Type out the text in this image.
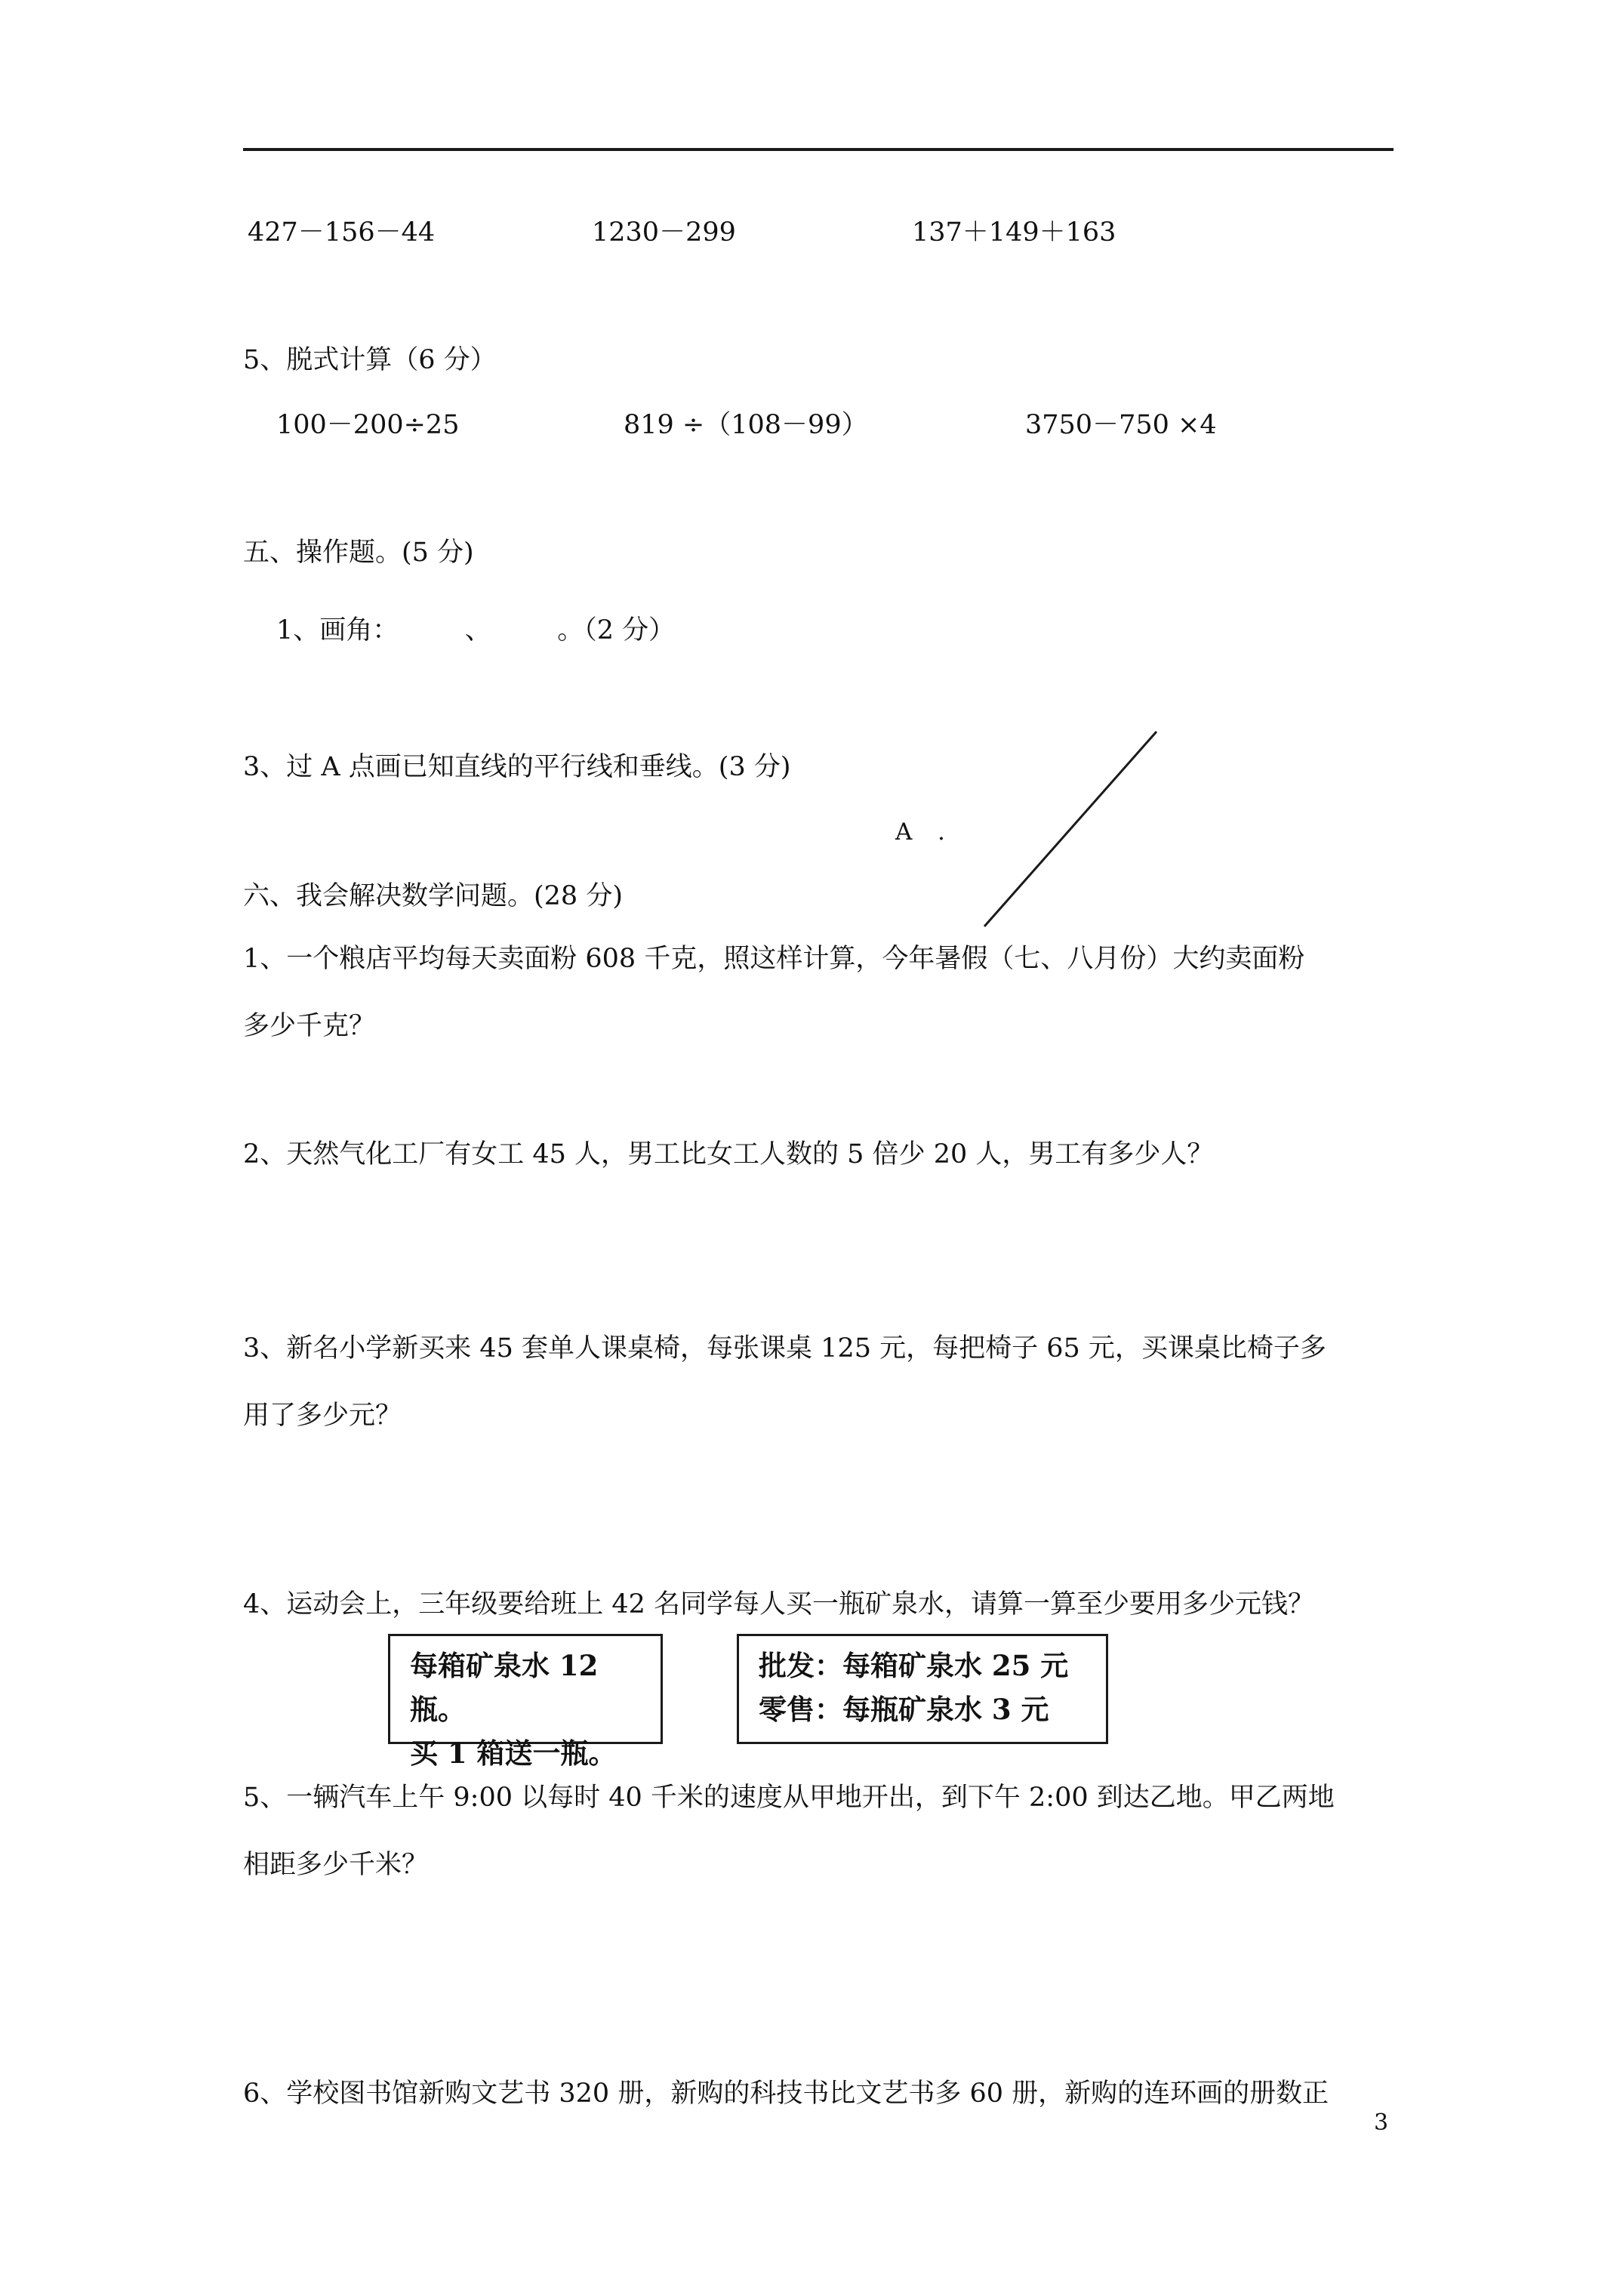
427－156－44	1230－299	137＋149＋163
5、脱式计算（6 分）
100－200÷25	819 ÷（108－99）	3750－750 ×4
五、操作题。(5 分)
1、画角：　　　、　　　。（2 分）
3、过 A 点画已知直线的平行线和垂线。(3 分)
A .
六、我会解决数学问题。(28 分)
1、一个粮店平均每天卖面粉 608 千克，照这样计算，今年暑假（七、八月份）大约卖面粉
多少千克？
2、天然气化工厂有女工 45 人，男工比女工人数的 5 倍少 20 人，男工有多少人？
3、新名小学新买来 45 套单人课桌椅，每张课桌 125 元，每把椅子 65 元，买课桌比椅子多
用了多少元？
4、运动会上，三年级要给班上 42 名同学每人买一瓶矿泉水，请算一算至少要用多少元钱？
每箱矿泉水 12 瓶。
买 1 箱送一瓶。
批发：每箱矿泉水 25 元
零售：每瓶矿泉水 3 元
5、一辆汽车上午 9:00 以每时 40 千米的速度从甲地开出，到下午 2:00 到达乙地。甲乙两地
相距多少千米？
6、学校图书馆新购文艺书 320 册，新购的科技书比文艺书多 60 册，新购的连环画的册数正
3
